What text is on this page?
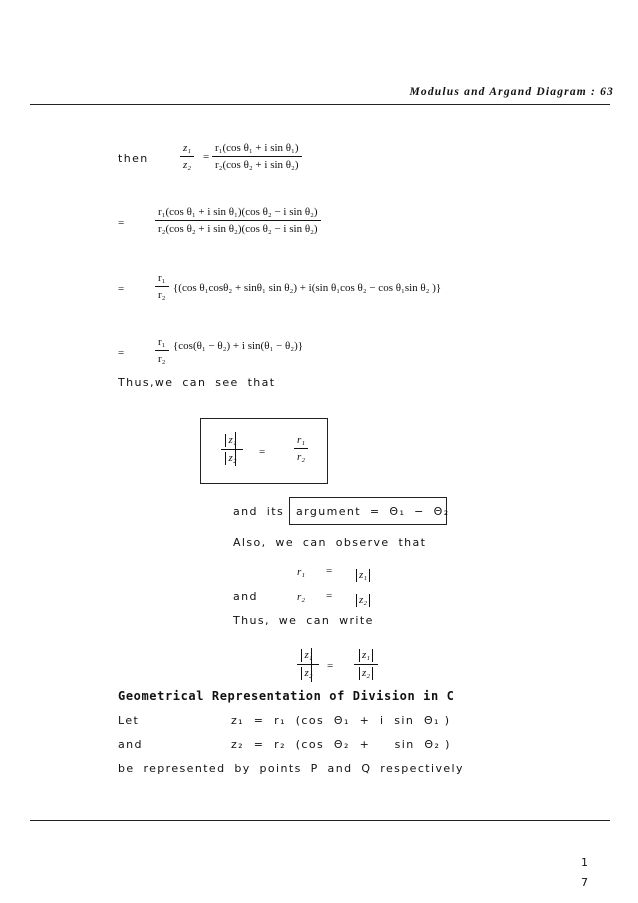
Modulus and Argand Diagram : 63
then
z₁
z₂
=
r₁(cos θ₁ + i sin θ₁)
r₂(cos θ₂ + i sin θ₂)
=
r₁(cos θ₁ + i sin θ₁)(cos θ₂ − i sin θ₂)
r₂(cos θ₂ + i sin θ₂)(cos θ₂ − i sin θ₂)
=
r₁
r₂
{(cos θ₁cosθ₂ + sinθ₁ sin θ₂) + i(sin θ₁cos θ₂ − cos θ₁sin θ₂ )}
=
r₁
r₂
{cos(θ₁ − θ₂) + i sin(θ₁ − θ₂)}
Thus,we can see that
z₁
z₂ =
r₁
r₂
and its argument = Θ₁ − Θ₂
Also, we can observe that
r₁ = z₁
and	r₂ = z₂
Thus, we can write
z₁
z₂
=
z₁
z₂
Geometrical Representation of Division in C
Let	z₁  =  r₁  (cos  Θ₁  +  i  sin  Θ₁ )
and	z₂  =  r₂  (cos  Θ₂  +     sin  Θ₂ )
be represented by points P and Q respectively
1
7
